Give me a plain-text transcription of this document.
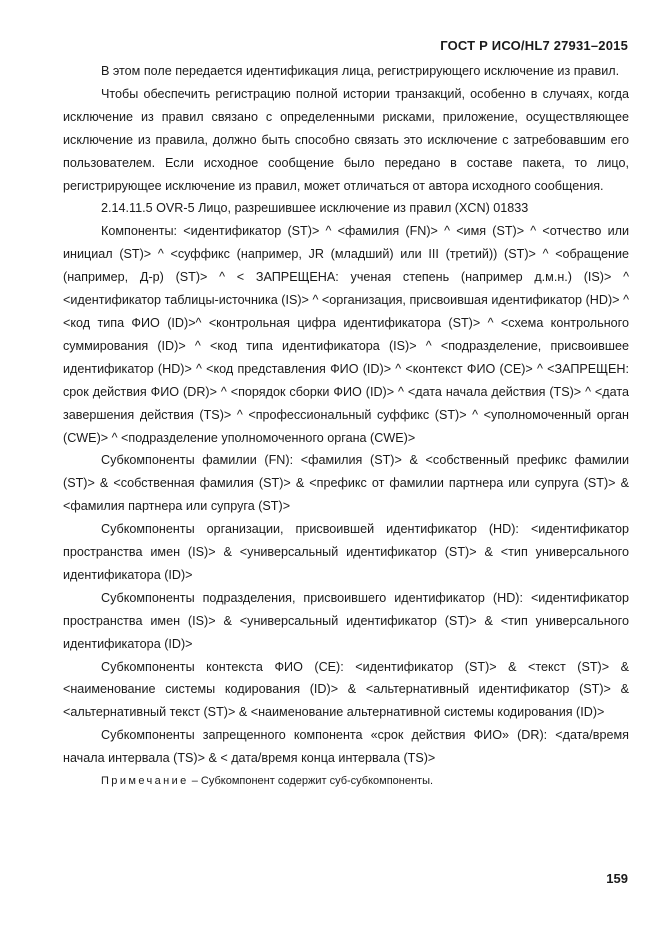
ГОСТ Р ИСО/HL7 27931–2015

В этом поле передается идентификация лица, регистрирующего исключение из правил.

Чтобы обеспечить регистрацию полной истории транзакций, особенно в случаях, когда исключение из правил связано с определенными рисками, приложение, осуществляющее исключение из правила, должно быть способно связать это исключение с затребовавшим его пользователем. Если исходное сообщение было передано в составе пакета, то лицо, регистрирующее исключение из правил, может отличаться от автора исходного сообщения.

2.14.11.5 OVR-5 Лицо, разрешившее исключение из правил (XCN) 01833

Компоненты: <идентификатор (ST)> ^ <фамилия (FN)> ^ <имя (ST)> ^ <отчество или инициал (ST)> ^ <суффикс (например, JR (младший) или III (третий)) (ST)> ^ <обращение (например, Д-р) (ST)> ^ < ЗАПРЕЩЕНА: ученая степень (например д.м.н.) (IS)> ^ <идентификатор таблицы-источника (IS)> ^ <организация, присвоившая идентификатор (HD)> ^ <код типа ФИО (ID)>^ <контрольная цифра идентификатора (ST)> ^ <схема контрольного суммирования (ID)> ^ <код типа идентификатора (IS)> ^ <подразделение, присвоившее идентификатор (HD)> ^ <код представления ФИО (ID)> ^ <контекст ФИО (CE)> ^ <ЗАПРЕЩЕН: срок действия ФИО (DR)> ^ <порядок сборки ФИО (ID)> ^ <дата начала действия (TS)> ^ <дата завершения действия (TS)> ^ <профессиональный суффикс (ST)> ^ <уполномоченный орган (CWE)> ^ <подразделение уполномоченного органа (CWE)>

Субкомпоненты фамилии (FN): <фамилия (ST)> & <собственный префикс фамилии (ST)> & <собственная фамилия (ST)> & <префикс от фамилии партнера или супруга (ST)> & <фамилия партнера или супруга (ST)>

Субкомпоненты организации, присвоившей идентификатор (HD): <идентификатор пространства имен (IS)> & <универсальный идентификатор (ST)> & <тип универсального идентификатора (ID)>

Субкомпоненты подразделения, присвоившего идентификатор (HD): <идентификатор пространства имен (IS)> & <универсальный идентификатор (ST)> & <тип универсального идентификатора (ID)>

Субкомпоненты контекста ФИО (CE): <идентификатор (ST)> & <текст (ST)> & <наименование системы кодирования (ID)> & <альтернативный идентификатор (ST)> & <альтернативный текст (ST)> & <наименование альтернативной системы кодирования (ID)>

Субкомпоненты запрещенного компонента «срок действия ФИО» (DR): <дата/время начала интервала (TS)> & < дата/время конца интервала (TS)>

Примечание – Субкомпонент содержит суб-субкомпоненты.

159
